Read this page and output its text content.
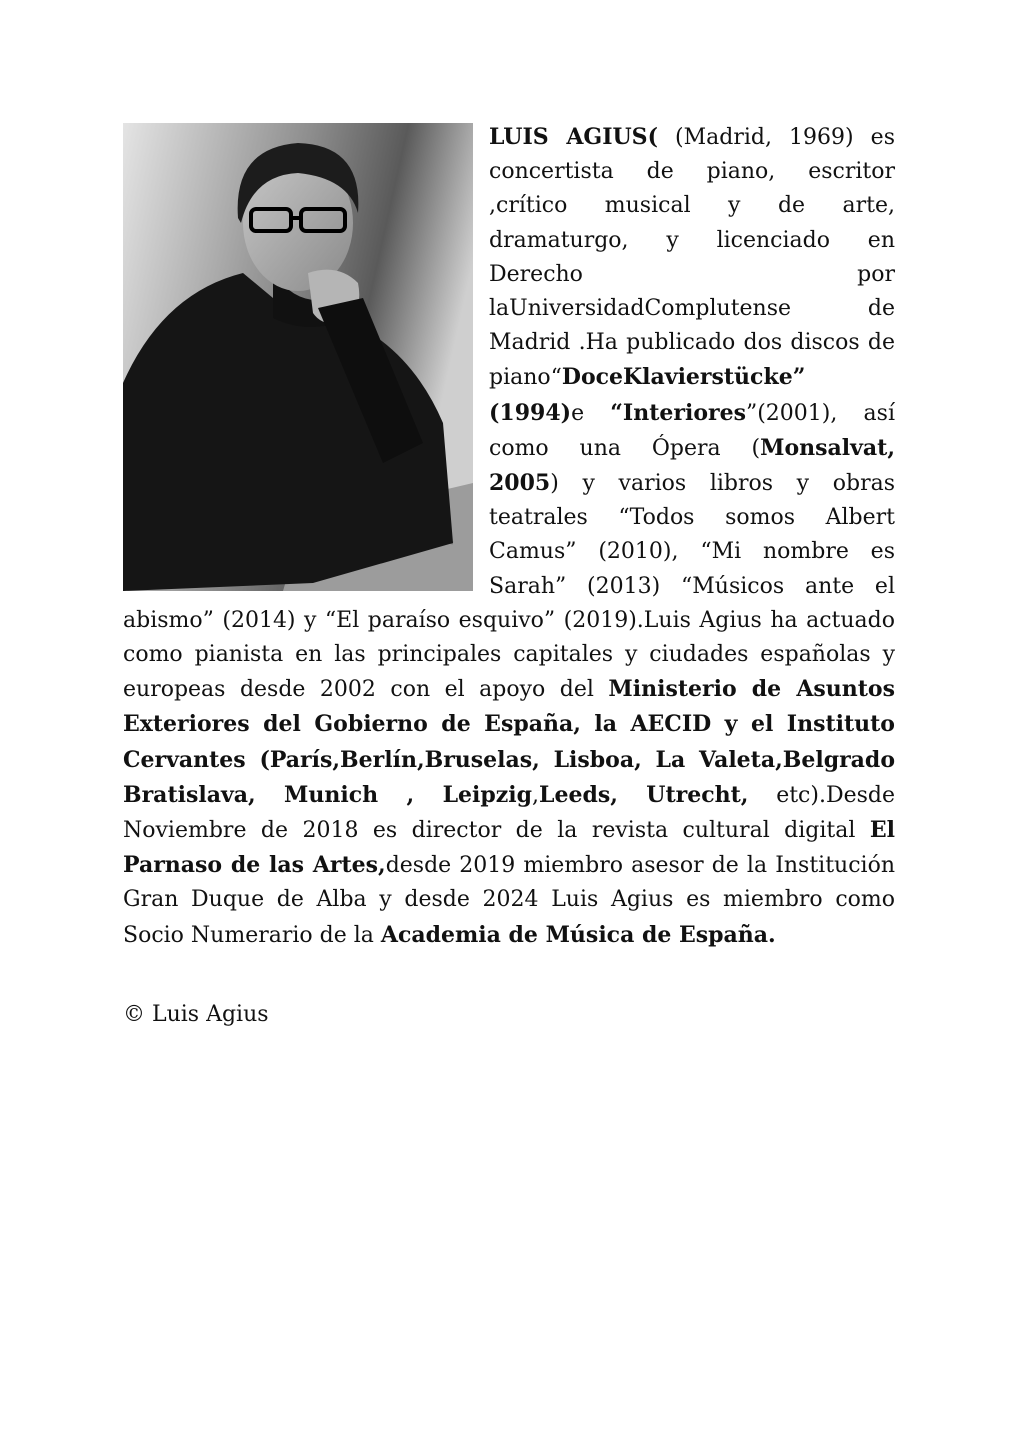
LUIS AGIUS( (Madrid, 1969) es concertista de piano, escritor ,crítico musical y de arte, dramaturgo, y licenciado en Derecho por laUniversidadComplutense de Madrid .Ha publicado dos discos de piano“DoceKlavierstücke” (1994)e “Interiores”(2001), así como una Ópera (Monsalvat, 2005) y varios libros y obras teatrales “Todos somos Albert Camus” (2010), “Mi nombre es Sarah” (2013) “Músicos ante el abismo” (2014) y “El paraíso esquivo” (2019).Luis Agius ha actuado como pianista en las principales capitales y ciudades españolas y europeas desde 2002 con el apoyo del Ministerio de Asuntos Exteriores del Gobierno de España, la AECID y el Instituto Cervantes (París,Berlín,Bruselas, Lisboa, La Valeta,Belgrado Bratislava, Munich , Leipzig,Leeds, Utrecht, etc).Desde Noviembre de 2018 es director de la revista cultural digital El Parnaso de las Artes,desde 2019 miembro asesor de la Institución Gran Duque de Alba y desde 2024 Luis Agius es miembro como Socio Numerario de la Academia de Música de España.

© Luis Agius
